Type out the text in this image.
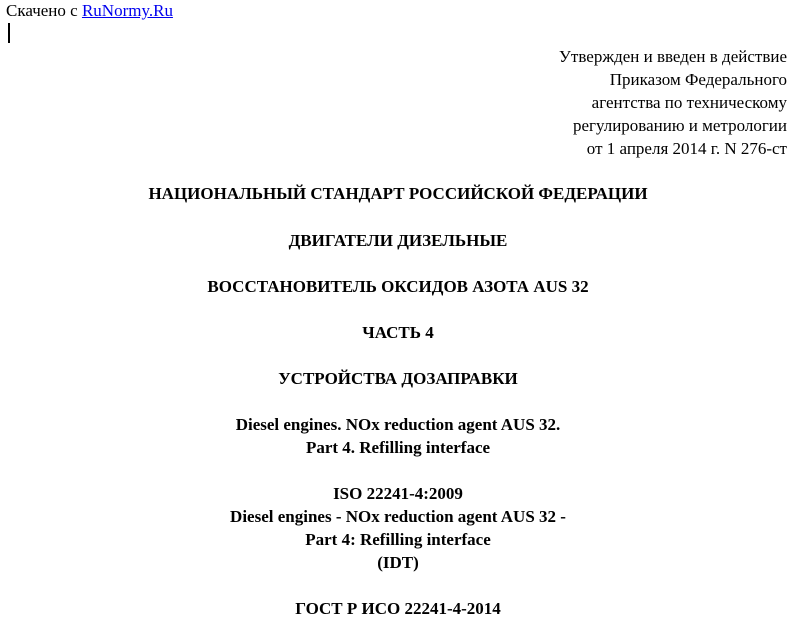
Скачено с RuNormy.Ru
Утвержден и введен в действие
Приказом Федерального
агентства по техническому
регулированию и метрологии
от 1 апреля 2014 г. N 276-ст
НАЦИОНАЛЬНЫЙ СТАНДАРТ РОССИЙСКОЙ ФЕДЕРАЦИИ
ДВИГАТЕЛИ ДИЗЕЛЬНЫЕ
ВОССТАНОВИТЕЛЬ ОКСИДОВ АЗОТА AUS 32
ЧАСТЬ 4
УСТРОЙСТВА ДОЗАПРАВКИ
Diesel engines. NOx reduction agent AUS 32.
Part 4. Refilling interface
ISO 22241-4:2009
Diesel engines - NOx reduction agent AUS 32 -
Part 4: Refilling interface
(IDT)
ГОСТ Р ИСО 22241-4-2014
